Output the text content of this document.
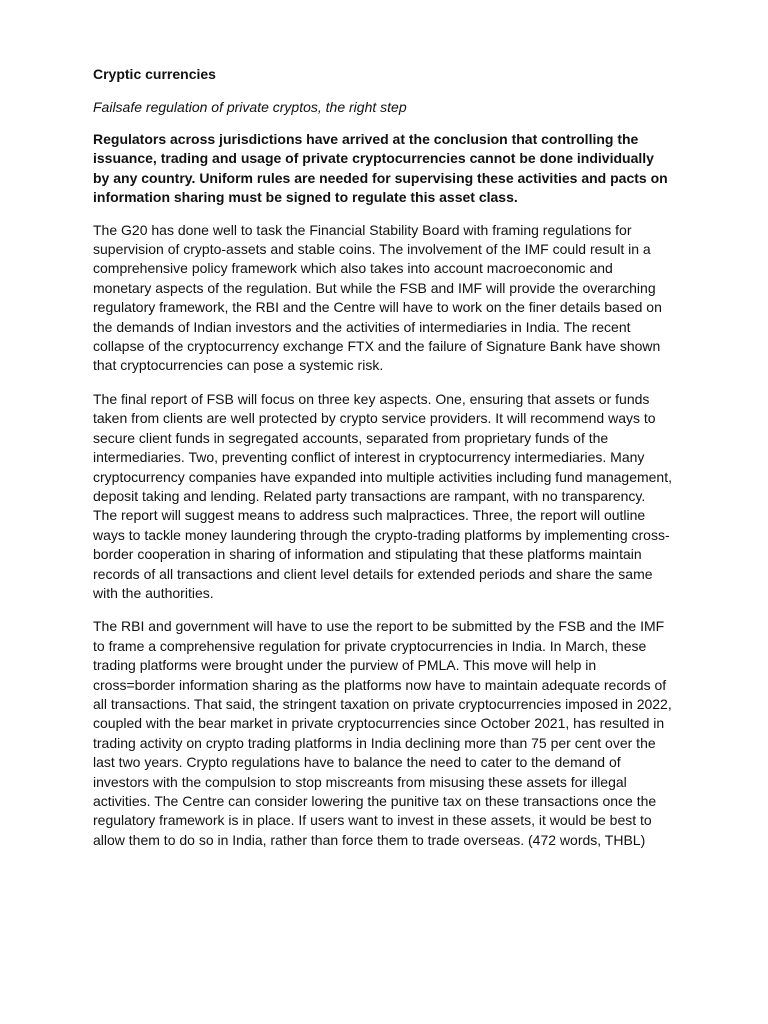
Cryptic currencies
Failsafe regulation of private cryptos, the right step
Regulators across jurisdictions have arrived at the conclusion that controlling the issuance, trading and usage of private cryptocurrencies cannot be done individually by any country. Uniform rules are needed for supervising these activities and pacts on information sharing must be signed to regulate this asset class.
The G20 has done well to task the Financial Stability Board with framing regulations for supervision of crypto-assets and stable coins. The involvement of the IMF could result in a comprehensive policy framework which also takes into account macroeconomic and monetary aspects of the regulation. But while the FSB and IMF will provide the overarching regulatory framework, the RBI and the Centre will have to work on the finer details based on the demands of Indian investors and the activities of intermediaries in India. The recent collapse of the cryptocurrency exchange FTX and the failure of Signature Bank have shown that cryptocurrencies can pose a systemic risk.
The final report of FSB will focus on three key aspects. One, ensuring that assets or funds taken from clients are well protected by crypto service providers. It will recommend ways to secure client funds in segregated accounts, separated from proprietary funds of the intermediaries. Two, preventing conflict of interest in cryptocurrency intermediaries. Many cryptocurrency companies have expanded into multiple activities including fund management, deposit taking and lending. Related party transactions are rampant, with no transparency. The report will suggest means to address such malpractices. Three, the report will outline ways to tackle money laundering through the crypto-trading platforms by implementing cross-border cooperation in sharing of information and stipulating that these platforms maintain records of all transactions and client level details for extended periods and share the same with the authorities.
The RBI and government will have to use the report to be submitted by the FSB and the IMF to frame a comprehensive regulation for private cryptocurrencies in India. In March, these trading platforms were brought under the purview of PMLA. This move will help in cross=border information sharing as the platforms now have to maintain adequate records of all transactions. That said, the stringent taxation on private cryptocurrencies imposed in 2022, coupled with the bear market in private cryptocurrencies since October 2021, has resulted in trading activity on crypto trading platforms in India declining more than 75 per cent over the last two years. Crypto regulations have to balance the need to cater to the demand of investors with the compulsion to stop miscreants from misusing these assets for illegal activities. The Centre can consider lowering the punitive tax on these transactions once the regulatory framework is in place. If users want to invest in these assets, it would be best to allow them to do so in India, rather than force them to trade overseas. (472 words, THBL)
